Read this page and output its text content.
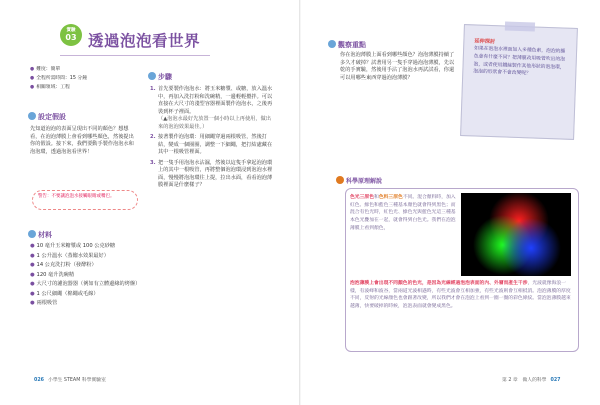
實驗
03 透過泡泡看世界
● 難度：簡單
● 全程所需時間：15 分鐘
● 相關領域：工程
設定假設
先知道泡泡的表面呈現出不同的顏色？想想看，在泡泡薄膜上會看到哪些顏色，然後提出你的假設。接下來，我們要動手製作泡泡水和泡泡環，透過泡泡看世界！
警告：不要讓泡泡水接觸眼睛或嘴巴。
材料
● 10 毫升玉米糖漿或 100 公克砂糖
● 1 公升溫水（蒸餾水效果最好）
● 14 公克洗打粉（發酵粉）
● 120 毫升洗碗精
● 大尺寸的濾泡器器（例如有立體邊緣的烤盤）
● 1 公尺細繩（棉繩或毛線）
● 兩根吸管
步驟
1. 首先要製作泡泡水：將玉米糖漿、或糖，放入溫水中，再加入洗打粉和洗碗精，一邊輕輕攪拌。可以直接在大尺寸的淺型容器裡面製作泡泡水，之後再裝到杯子裡面。
（▲泡泡水最好先放置一個小時以上再使用，做出來的泡泡效果最佳。）
2. 接著製作泡泡環：用細繩穿過兩根吸管，然後打結，變成一個圈圈，調整一下細繩，把打結處藏在其中一根吸管裡面。
3. 把一隻手用泡泡水沾濕，然後以這隻手拿起泡泡環上的其中一根吸管，再將整個泡泡環浸到泡泡水裡面，慢慢將泡泡環往上提，拉出水面，看看泡泡薄膜裡面是什麼樣子？
026 小學生 STEAM 科學實驗室
觀察重點
你在泡泡薄膜上面看到哪些顏色？泡泡薄膜持續了多久才破掉？試著用另一隻手穿過泡泡薄膜，先以乾的手實驗，然後用手沾了泡泡水再試試看，你還可以用哪些東西穿過泡泡薄膜？
延伸探討
如果在泡泡水裡面加入多種色素，泡泡的顏色會有什麼不同？把薄膜改用吸管吹出的泡泡，或者使用鐵絲製作其他形狀的泡泡環，泡泡的形狀會不會改變呢？
科學原理解說
色光三原色和色料三原色不同。混合顏料時，加入紅色、綠色和藍色三種基本顏色就會得到黑色；而混合有色光時，紅色光、綠色光與藍色光這三種基本色光疊加在一起，就會得到白色光。我們在泡泡薄膜上看到顏色，
泡泡薄膜上會出現不同顏色的色光，是因為光線經過泡泡表面的內、外層而產生干涉，光波就像海浪一樣，有波峰和波谷，當兩道光波相遇時，有些光波會互相加強，有些光波則會互相抵消。泡泡薄膜的厚度不同，反射的光線顏色也會跟著改變，所以我們才會在泡泡上看到一圈一圈的彩色條紋。當泡泡薄膜越來越薄，快要破掉的時候，泡泡表面就會變成黑色。
第 2 章　做人的科學 027
